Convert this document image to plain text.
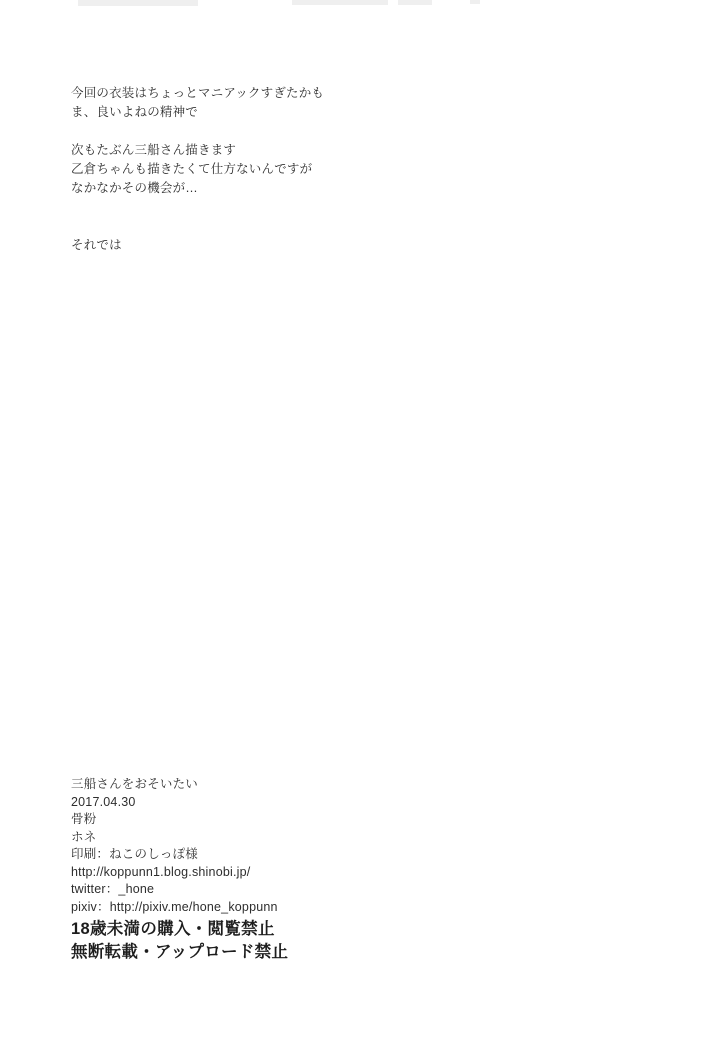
今回の衣装はちょっとマニアックすぎたかも

ま、良いよねの精神で

次もたぶん三船さん描きます

乙倉ちゃんも描きたくて仕方ないんですが

なかなかその機会が…

それでは

三船さんをおそいたい
2017.04.30
骨粉
ホネ
印刷：ねこのしっぽ様
http://koppunn1.blog.shinobi.jp/
twitter：_hone
pixiv：http://pixiv.me/hone_koppunn
18歳未満の購入・閲覧禁止
無断転載・アップロード禁止
